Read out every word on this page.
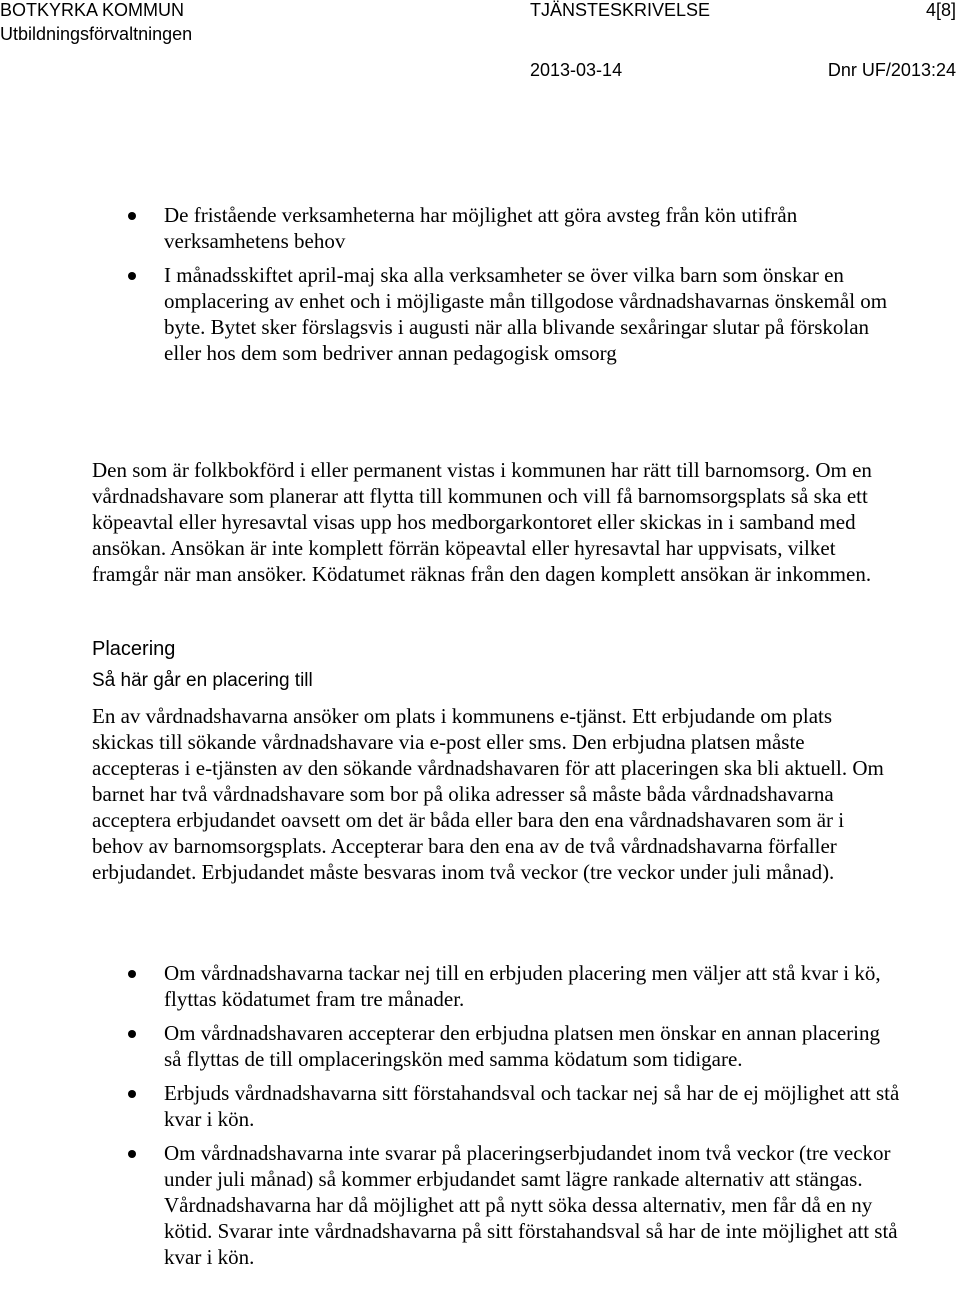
BOTKYRKA KOMMUN
Utbildningsförvaltningen
TJÄNSTESKRIVELSE	4[8]
2013-03-14	Dnr UF/2013:24
De fristående verksamheterna har möjlighet att göra avsteg från kön utifrån verksamhetens behov
I månadsskiftet april-maj ska alla verksamheter se över vilka barn som önskar en omplacering av enhet och i möjligaste mån tillgodose vårdnadshavarnas önskemål om byte. Bytet sker förslagsvis i augusti när alla blivande sexåringar slutar på förskolan eller hos dem som bedriver annan pedagogisk omsorg

Den som är folkbokförd i eller permanent vistas i kommunen har rätt till barnomsorg. Om en vårdnadshavare som planerar att flytta till kommunen och vill få barnomsorgsplats så ska ett köpeavtal eller hyresavtal visas upp hos medborgarkontoret eller skickas in i samband med ansökan. Ansökan är inte komplett förrän köpeavtal eller hyresavtal har uppvisats, vilket framgår när man ansöker. Ködatumet räknas från den dagen komplett ansökan är inkommen.

Placering
Så här går en placering till

En av vårdnadshavarna ansöker om plats i kommunens e-tjänst. Ett erbjudande om plats skickas till sökande vårdnadshavare via e-post eller sms. Den erbjudna platsen måste accepteras i e-tjänsten av den sökande vårdnadshavaren för att placeringen ska bli aktuell. Om barnet har två vårdnadshavare som bor på olika adresser så måste båda vårdnadshavarna acceptera erbjudandet oavsett om det är båda eller bara den ena vårdnadshavaren som är i behov av barnomsorgsplats. Accepterar bara den ena av de två vårdnadshavarna förfaller erbjudandet. Erbjudandet måste besvaras inom två veckor (tre veckor under juli månad).

Om vårdnadshavarna tackar nej till en erbjuden placering men väljer att stå kvar i kö, flyttas ködatumet fram tre månader.
Om vårdnadshavaren accepterar den erbjudna platsen men önskar en annan placering så flyttas de till omplaceringskön med samma ködatum som tidigare.
Erbjuds vårdnadshavarna sitt förstahandsval och tackar nej så har de ej möjlighet att stå kvar i kön.
Om vårdnadshavarna inte svarar på placeringserbjudandet inom två veckor (tre veckor under juli månad) så kommer erbjudandet samt lägre rankade alternativ att stängas. Vårdnadshavarna har då möjlighet att på nytt söka dessa alternativ, men får då en ny kötid. Svarar inte vårdnadshavarna på sitt förstahandsval så har de inte möjlighet att stå kvar i kön.
